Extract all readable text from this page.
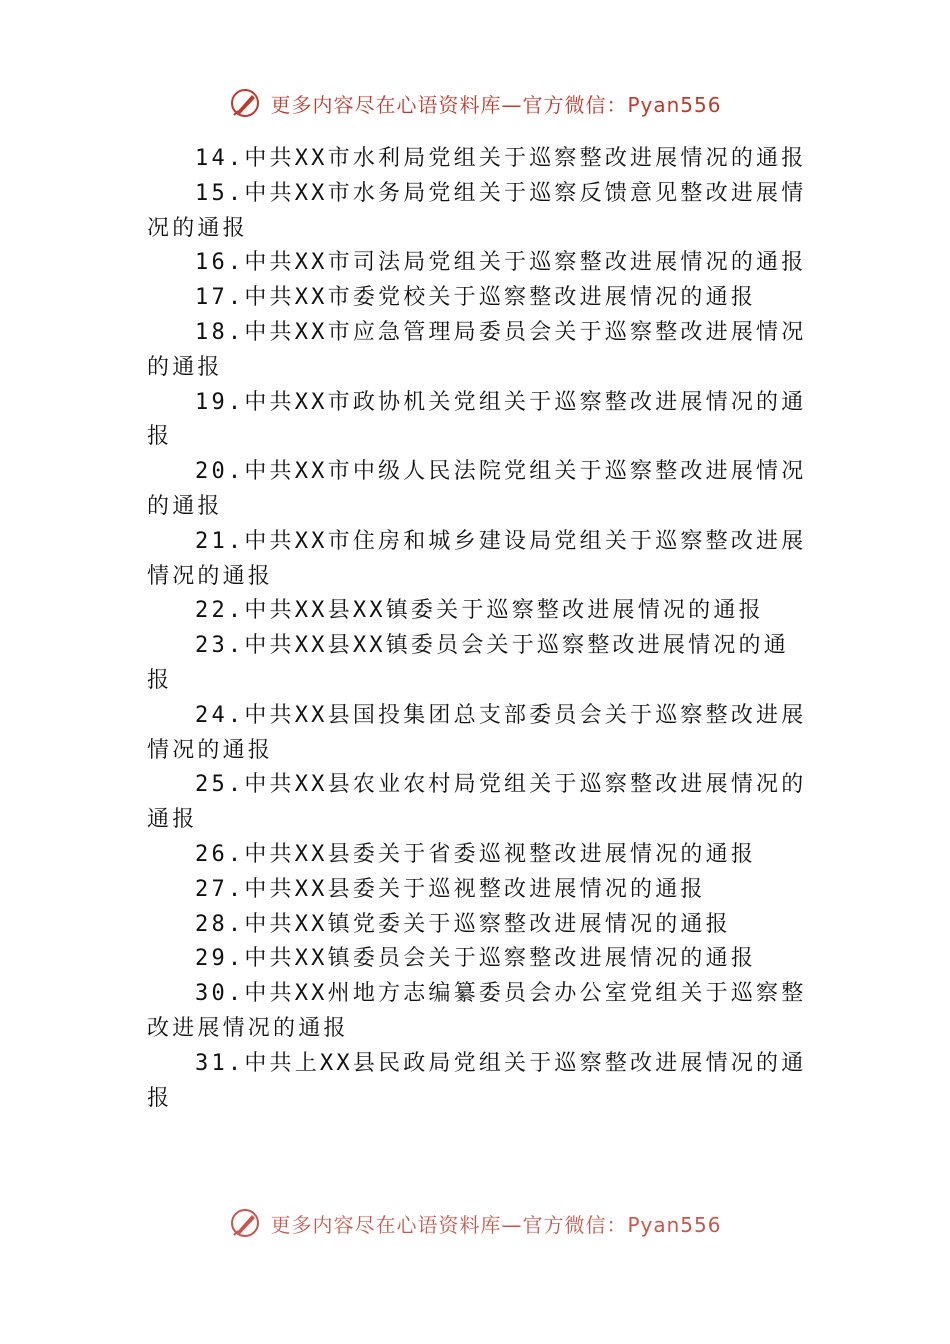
更多内容尽在心语资料库—官方微信：Pyan556

14.中共XX市水利局党组关于巡察整改进展情况的通报

15.中共XX市水务局党组关于巡察反馈意见整改进展情况的通报

16.中共XX市司法局党组关于巡察整改进展情况的通报

17.中共XX市委党校关于巡察整改进展情况的通报

18.中共XX市应急管理局委员会关于巡察整改进展情况的通报

19.中共XX市政协机关党组关于巡察整改进展情况的通报

20.中共XX市中级人民法院党组关于巡察整改进展情况的通报

21.中共XX市住房和城乡建设局党组关于巡察整改进展情况的通报

22.中共XX县XX镇委关于巡察整改进展情况的通报

23.中共XX县XX镇委员会关于巡察整改进展情况的通报

24.中共XX县国投集团总支部委员会关于巡察整改进展情况的通报

25.中共XX县农业农村局党组关于巡察整改进展情况的通报

26.中共XX县委关于省委巡视整改进展情况的通报

27.中共XX县委关于巡视整改进展情况的通报

28.中共XX镇党委关于巡察整改进展情况的通报

29.中共XX镇委员会关于巡察整改进展情况的通报

30.中共XX州地方志编纂委员会办公室党组关于巡察整改进展情况的通报

31.中共上XX县民政局党组关于巡察整改进展情况的通报

更多内容尽在心语资料库—官方微信：Pyan556
